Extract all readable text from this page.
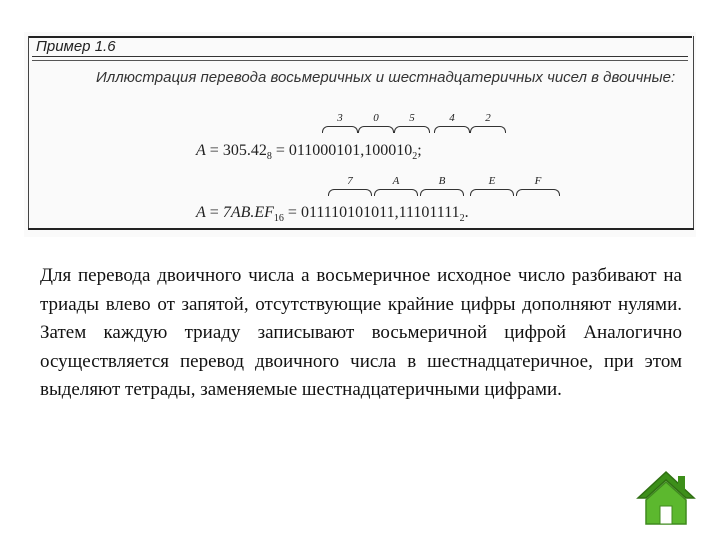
Пример 1.6
Иллюстрация перевода восьмеричных и шестнадцатеричных чисел в двоичные:
3	0	5	4	2
$A = 305.42_8 = 011000101,100010_2$;
7	A	B	E	F
$A = 7AB.EF_{16} = 011110101011,11101111_2$.

Для перевода двоичного числа а восьмеричное исходное число разбивают на триады влево от запятой, отсутствующие крайние цифры дополняют нулями. Затем каждую триаду записывают восьмеричной цифрой Аналогично осуществляется перевод двоичного числа в шестнадцатеричное, при этом выделяют тетрады, заменяемые шестнадцатеричными цифрами.
